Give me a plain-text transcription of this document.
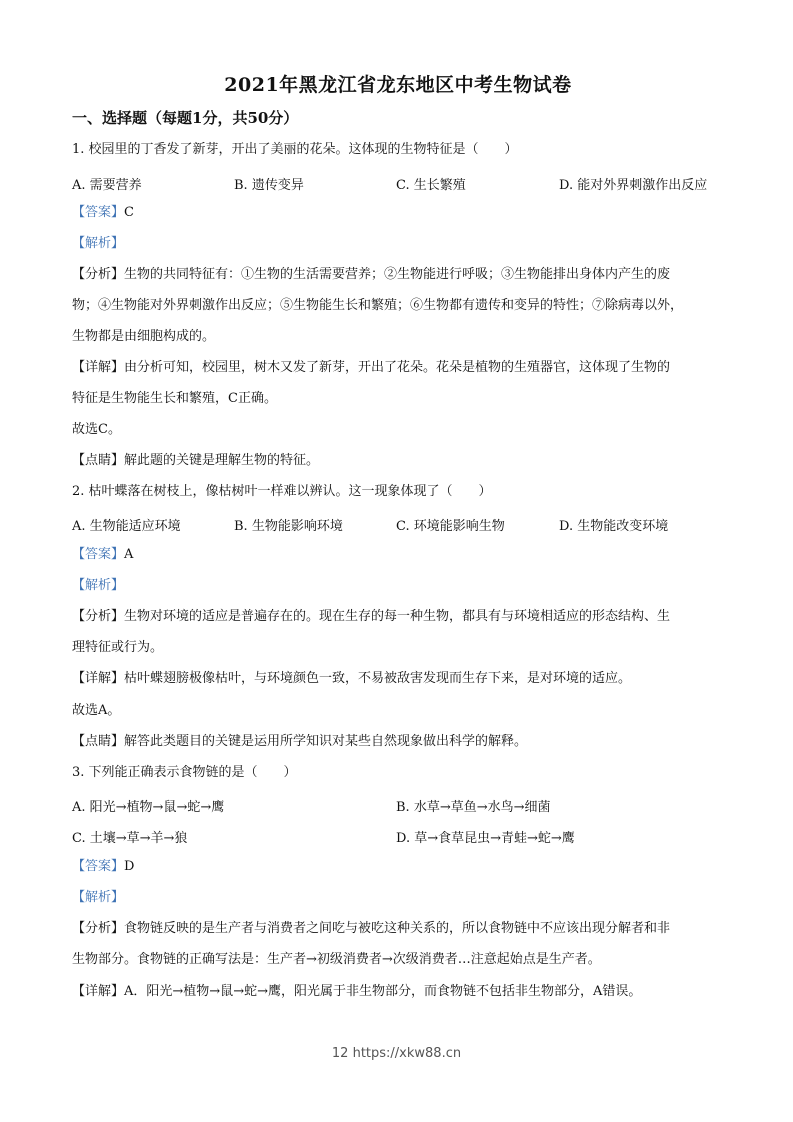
2021年黑龙江省龙东地区中考生物试卷
一、选择题（每题1分，共50分）
1. 校园里的丁香发了新芽，开出了美丽的花朵。这体现的生物特征是（　　）
A. 需要营养	B. 遗传变异	C. 生长繁殖	D. 能对外界刺激作出反应
【答案】C
【解析】
【分析】生物的共同特征有：①生物的生活需要营养；②生物能进行呼吸；③生物能排出身体内产生的废
物；④生物能对外界刺激作出反应；⑤生物能生长和繁殖；⑥生物都有遗传和变异的特性；⑦除病毒以外，
生物都是由细胞构成的。
【详解】由分析可知，校园里，树木又发了新芽，开出了花朵。花朵是植物的生殖器官，这体现了生物的
特征是生物能生长和繁殖，C正确。
故选C。
【点睛】解此题的关键是理解生物的特征。
2. 枯叶蝶落在树枝上，像枯树叶一样难以辨认。这一现象体现了（　　）
A. 生物能适应环境	B. 生物能影响环境	C. 环境能影响生物	D. 生物能改变环境
【答案】A
【解析】
【分析】生物对环境的适应是普遍存在的。现在生存的每一种生物，都具有与环境相适应的形态结构、生
理特征或行为。
【详解】枯叶蝶翅膀极像枯叶，与环境颜色一致，不易被敌害发现而生存下来，是对环境的适应。
故选A。
【点睛】解答此类题目的关键是运用所学知识对某些自然现象做出科学的解释。
3. 下列能正确表示食物链的是（　　）
A. 阳光→植物→鼠→蛇→鹰	B. 水草→草鱼→水鸟→细菌
C. 土壤→草→羊→狼	D. 草→食草昆虫→青蛙→蛇→鹰
【答案】D
【解析】
【分析】食物链反映的是生产者与消费者之间吃与被吃这种关系的，所以食物链中不应该出现分解者和非
生物部分。食物链的正确写法是：生产者→初级消费者→次级消费者…注意起始点是生产者。
【详解】A．阳光→植物→鼠→蛇→鹰，阳光属于非生物部分，而食物链不包括非生物部分，A错误。
12 https://xkw88.cn
